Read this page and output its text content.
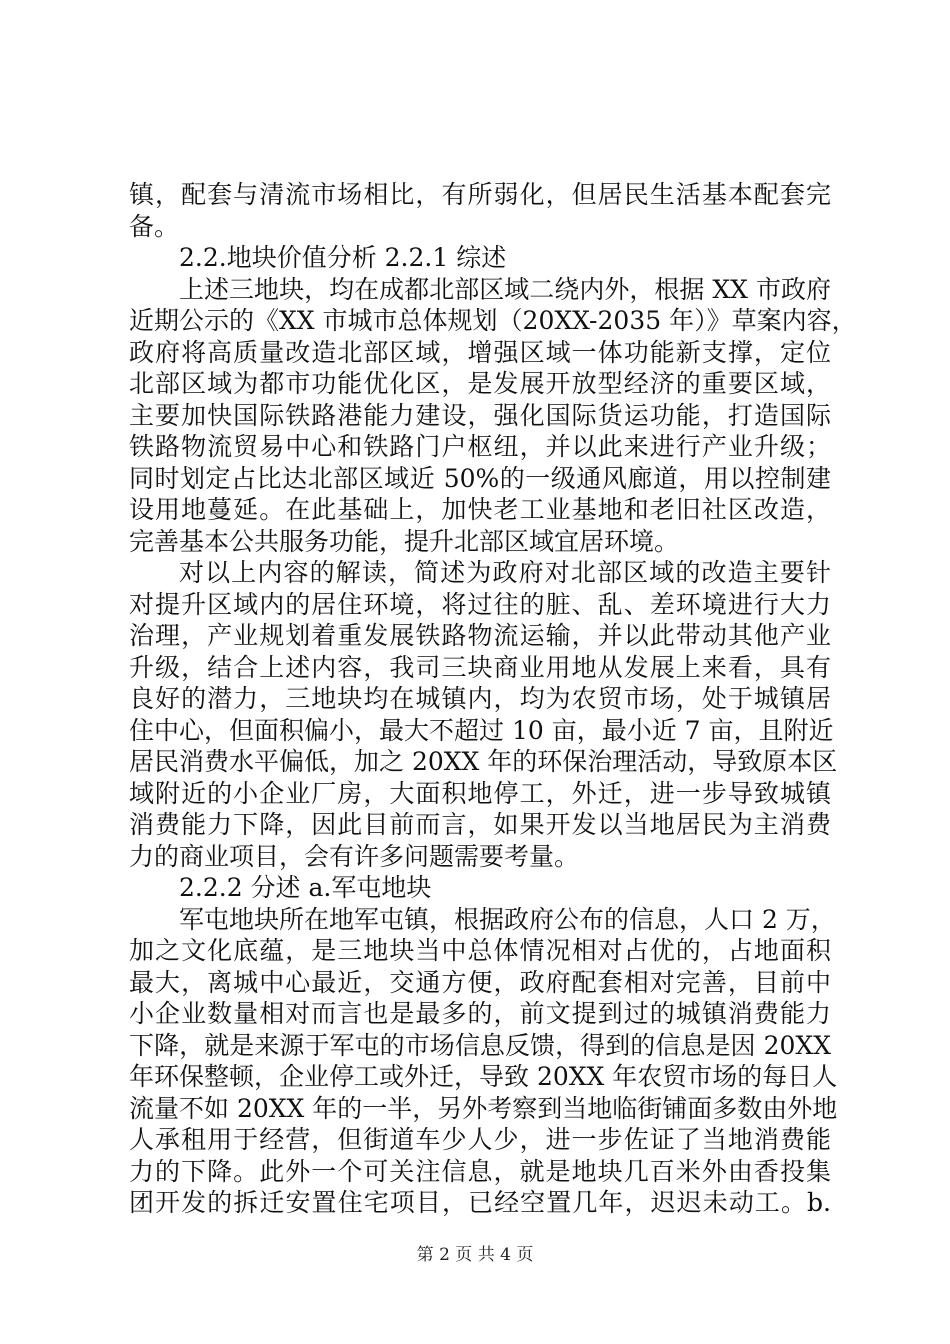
镇，配套与清流市场相比，有所弱化，但居民生活基本配套完
备。
2.2.地块价值分析 2.2.1 综述
上述三地块，均在成都北部区域二绕内外，根据 XX 市政府
近期公示的《XX 市城市总体规划（20XX-2035 年）》草案内容，
政府将高质量改造北部区域，增强区域一体功能新支撑，定位
北部区域为都市功能优化区，是发展开放型经济的重要区域，
主要加快国际铁路港能力建设，强化国际货运功能，打造国际
铁路物流贸易中心和铁路门户枢纽，并以此来进行产业升级；
同时划定占比达北部区域近 50%的一级通风廊道，用以控制建
设用地蔓延。在此基础上，加快老工业基地和老旧社区改造，
完善基本公共服务功能，提升北部区域宜居环境。
对以上内容的解读，简述为政府对北部区域的改造主要针
对提升区域内的居住环境，将过往的脏、乱、差环境进行大力
治理，产业规划着重发展铁路物流运输，并以此带动其他产业
升级，结合上述内容，我司三块商业用地从发展上来看，具有
良好的潜力，三地块均在城镇内，均为农贸市场，处于城镇居
住中心，但面积偏小，最大不超过 10 亩，最小近 7 亩，且附近
居民消费水平偏低，加之 20XX 年的环保治理活动，导致原本区
域附近的小企业厂房，大面积地停工，外迁，进一步导致城镇
消费能力下降，因此目前而言，如果开发以当地居民为主消费
力的商业项目，会有许多问题需要考量。
2.2.2 分述 a.军屯地块
军屯地块所在地军屯镇，根据政府公布的信息，人口 2 万，
加之文化底蕴，是三地块当中总体情况相对占优的，占地面积
最大，离城中心最近，交通方便，政府配套相对完善，目前中
小企业数量相对而言也是最多的，前文提到过的城镇消费能力
下降，就是来源于军屯的市场信息反馈，得到的信息是因 20XX
年环保整顿，企业停工或外迁，导致 20XX 年农贸市场的每日人
流量不如 20XX 年的一半，另外考察到当地临街铺面多数由外地
人承租用于经营，但街道车少人少，进一步佐证了当地消费能
力的下降。此外一个可关注信息，就是地块几百米外由香投集
团开发的拆迁安置住宅项目，已经空置几年，迟迟未动工。b.
第 2 页 共 4 页
